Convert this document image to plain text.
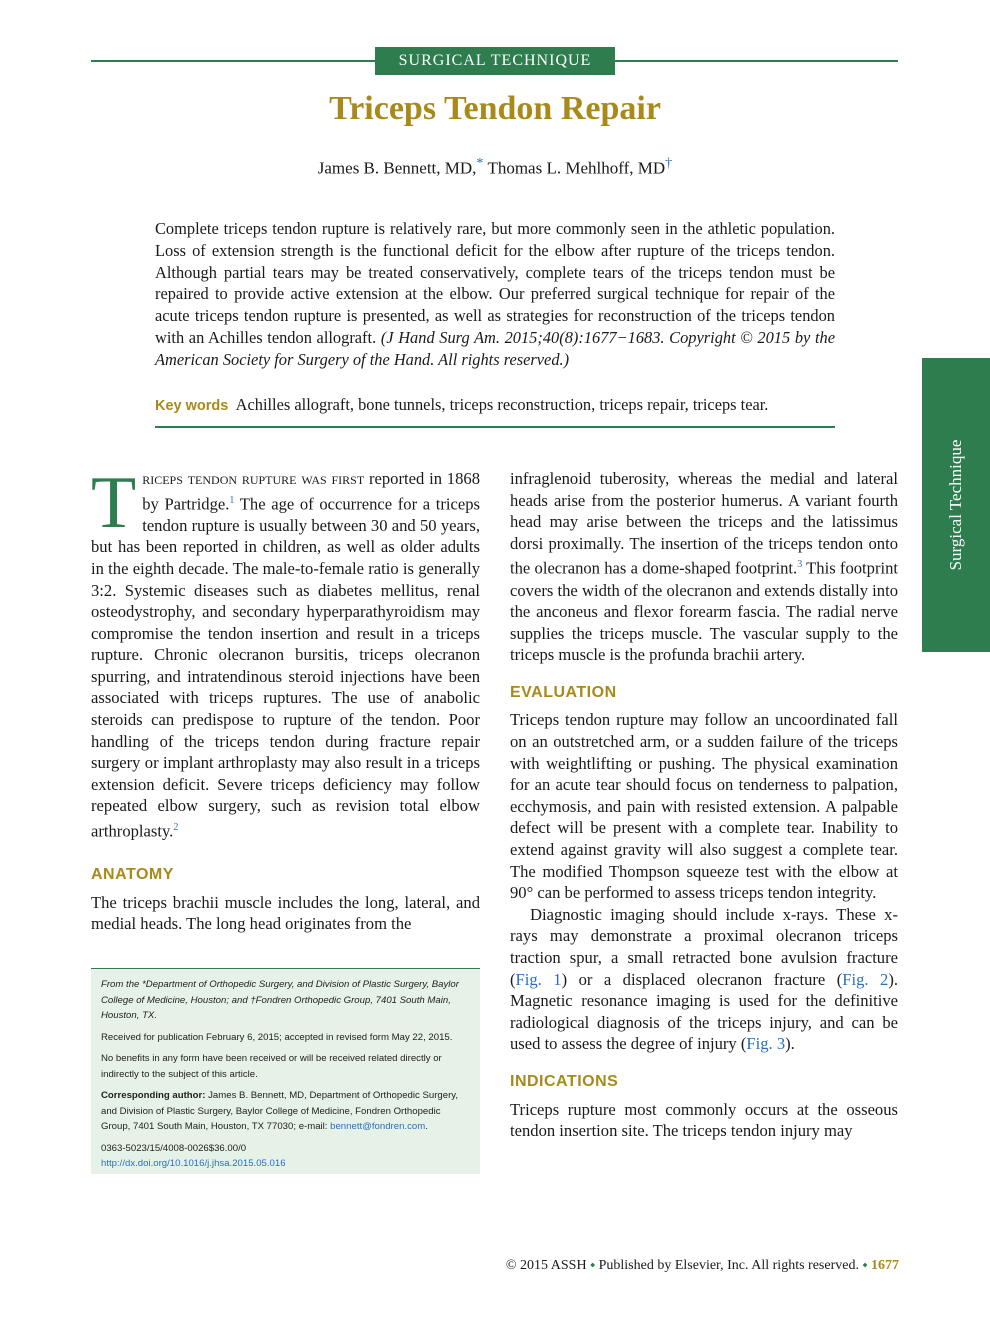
SURGICAL TECHNIQUE
Triceps Tendon Repair
James B. Bennett, MD,* Thomas L. Mehlhoff, MD†
Complete triceps tendon rupture is relatively rare, but more commonly seen in the athletic population. Loss of extension strength is the functional deficit for the elbow after rupture of the triceps tendon. Although partial tears may be treated conservatively, complete tears of the triceps tendon must be repaired to provide active extension at the elbow. Our preferred surgical technique for repair of the acute triceps tendon rupture is presented, as well as strategies for reconstruction of the triceps tendon with an Achilles tendon allograft. (J Hand Surg Am. 2015;40(8):1677−1683. Copyright © 2015 by the American Society for Surgery of the Hand. All rights reserved.)
Key words Achilles allograft, bone tunnels, triceps reconstruction, triceps repair, triceps tear.

Triceps tendon rupture was first reported in 1868 by Partridge.$^1$ The age of occurrence for a triceps tendon rupture is usually between 30 and 50 years, but has been reported in children, as well as older adults in the eighth decade. The male-to-female ratio is generally 3:2. Systemic diseases such as diabetes mellitus, renal osteodystrophy, and secondary hyperparathyroidism may compromise the tendon insertion and result in a triceps rupture. Chronic olecranon bursitis, triceps olecranon spurring, and intratendinous steroid injections have been associated with triceps ruptures. The use of anabolic steroids can predispose to rupture of the tendon. Poor handling of the triceps tendon during fracture repair surgery or implant arthroplasty may also result in a triceps extension deficit. Severe triceps deficiency may follow repeated elbow surgery, such as revision total elbow arthroplasty.$^2$

ANATOMY

The triceps brachii muscle includes the long, lateral, and medial heads. The long head originates from the

infraglenoid tuberosity, whereas the medial and lateral heads arise from the posterior humerus. A variant fourth head may arise between the triceps and the latissimus dorsi proximally. The insertion of the triceps tendon onto the olecranon has a dome-shaped footprint.$^3$ This footprint covers the width of the olecranon and extends distally into the anconeus and flexor forearm fascia. The radial nerve supplies the triceps muscle. The vascular supply to the triceps muscle is the profunda brachii artery.

EVALUATION

Triceps tendon rupture may follow an uncoordinated fall on an outstretched arm, or a sudden failure of the triceps with weightlifting or pushing. The physical examination for an acute tear should focus on tenderness to palpation, ecchymosis, and pain with resisted extension. A palpable defect will be present with a complete tear. Inability to extend against gravity will also suggest a complete tear. The modified Thompson squeeze test with the elbow at 90° can be performed to assess triceps tendon integrity.

Diagnostic imaging should include x-rays. These x-rays may demonstrate a proximal olecranon triceps traction spur, a small retracted bone avulsion fracture (Fig. 1) or a displaced olecranon fracture (Fig. 2). Magnetic resonance imaging is used for the definitive radiological diagnosis of the triceps injury, and can be used to assess the degree of injury (Fig. 3).

INDICATIONS

Triceps rupture most commonly occurs at the osseous tendon insertion site. The triceps tendon injury may

From the *Department of Orthopedic Surgery, and Division of Plastic Surgery, Baylor College of Medicine, Houston; and †Fondren Orthopedic Group, 7401 South Main, Houston, TX.

Received for publication February 6, 2015; accepted in revised form May 22, 2015.

No benefits in any form have been received or will be received related directly or indirectly to the subject of this article.

Corresponding author: James B. Bennett, MD, Department of Orthopedic Surgery, and Division of Plastic Surgery, Baylor College of Medicine, Fondren Orthopedic Group, 7401 South Main, Houston, TX 77030; e-mail: bennett@fondren.com.

0363-5023/15/4008-0026$36.00/0
http://dx.doi.org/10.1016/j.jhsa.2015.05.016

Surgical Technique
© 2015 ASSH ⬩ Published by Elsevier, Inc. All rights reserved. ⬩ 1677
